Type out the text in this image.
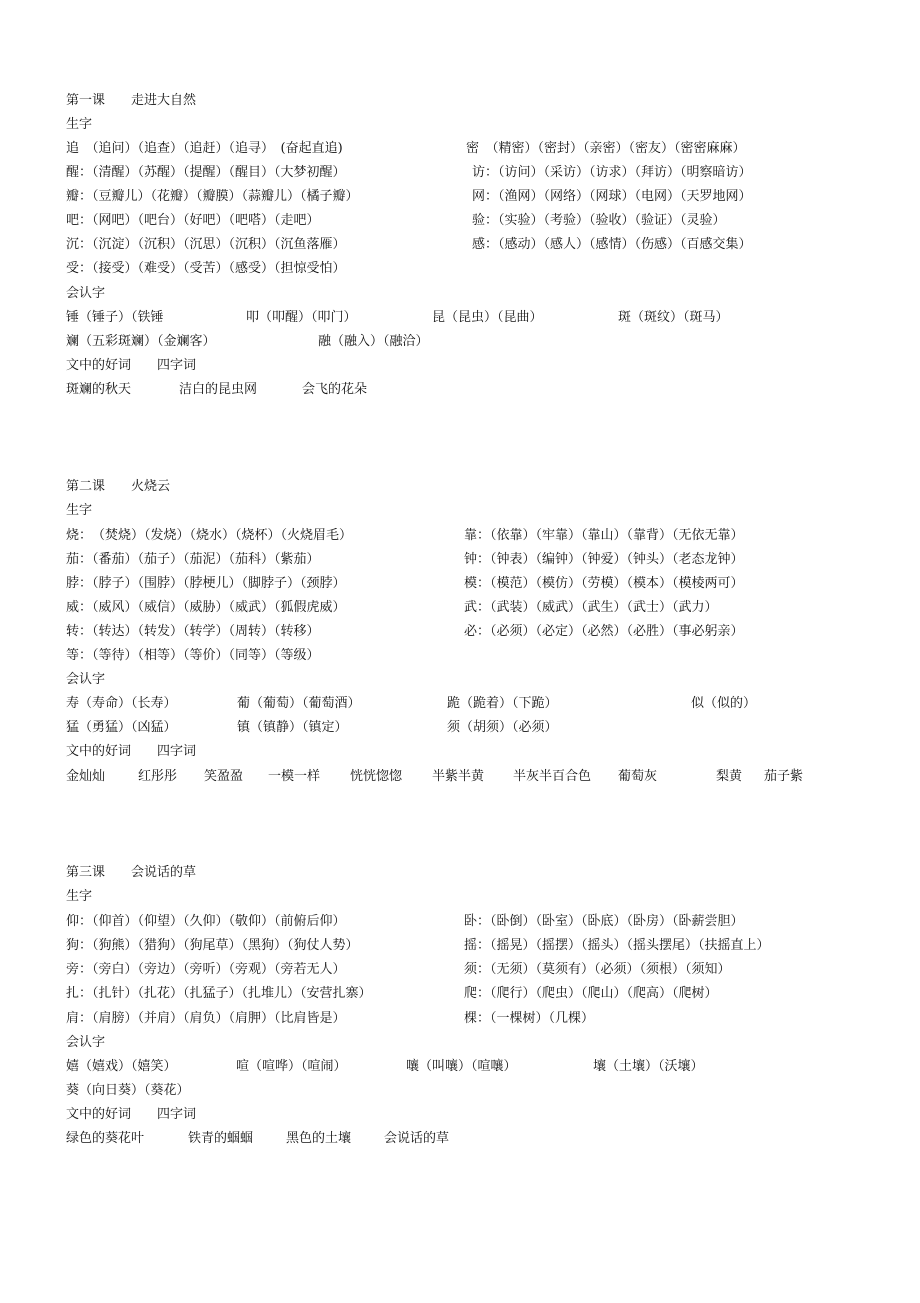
第一课　　走进大自然
生字
追　（追问）（追查）（追赶）（追寻）　(奋起直追)	密　（精密）（密封）（亲密）（密友）（密密麻麻）
醒：（清醒）（苏醒）（提醒）（醒目）（大梦初醒）	访：（访问）（采访）（访求）（拜访）（明察暗访）
瓣：（豆瓣儿）（花瓣）（瓣膜）（蒜瓣儿）（橘子瓣）	网：（渔网）（网络）（网球）（电网）（天罗地网）
吧：（网吧）（吧台）（好吧）（吧嗒）（走吧）	验：（实验）（考验）（验收）（验证）（灵验）
沉：（沉淀）（沉积）（沉思）（沉积）（沉鱼落雁）	感：（感动）（感人）（感情）（伤感）（百感交集）
受：（接受）（难受）（受苦）（感受）（担惊受怕）
会认字
锤（锤子）（铁锤	叩（叩醒）（叩门）	昆（昆虫）（昆曲）	斑（斑纹）（斑马）
斓（五彩斑斓）（金斓客）	融（融入）（融洽）
文中的好词　　四字词
斑斓的秋天	洁白的昆虫网	会飞的花朵
第二课　　火烧云
生字
烧：　（焚烧）（发烧）（烧水）（烧杯）（火烧眉毛）	靠：（依靠）（牢靠）（靠山）（靠背）（无依无靠）
茄：（番茄）（茄子）（茄泥）（茄科）（紫茄）	钟：（钟表）（编钟）（钟爱）（钟头）（老态龙钟）
脖：（脖子）（围脖）（脖梗儿）（脚脖子）（颈脖）	模：（模范）（模仿）（劳模）（模本）（模棱两可）
威：（威风）（威信）（威胁）（威武）（狐假虎威）	武：（武装）（威武）（武生）（武士）（武力）
转：（转达）（转发）（转学）（周转）（转移）	必：（必须）（必定）（必然）（必胜）（事必躬亲）
等：（等待）（相等）（等价）（同等）（等级）
会认字
寿（寿命）（长寿）	葡（葡萄）（葡萄酒）	跪（跪着）（下跪）	似（似的）
猛（勇猛）（凶猛）	镇（镇静）（镇定）	须（胡须）（必须）
文中的好词　　四字词
金灿灿	红彤彤 笑盈盈 一模一样 恍恍惚惚 半紫半黄 半灰半百合色 葡萄灰	梨黄 茄子紫
第三课　　会说话的草
生字
仰：（仰首）（仰望）（久仰）（敬仰）（前俯后仰）	卧：（卧倒）（卧室）（卧底）（卧房）（卧薪尝胆）
狗：（狗熊）（猎狗）（狗尾草）（黑狗）（狗仗人势）	摇：（摇晃）（摇摆）（摇头）（摇头摆尾）（扶摇直上）
旁：（旁白）（旁边）（旁听）（旁观）（旁若无人）	须：（无须）（莫须有）（必须）（须根）（须知）
扎：（扎针）（扎花）（扎猛子）（扎堆儿）（安营扎寨）	爬：（爬行）（爬虫）（爬山）（爬高）（爬树）
肩：（肩膀）（并肩）（肩负）（肩胛）（比肩皆是）	棵：（一棵树）（几棵）
会认字
嬉（嬉戏）（嬉笑）	喧（喧哗）（喧闹）	嚷（叫嚷）（喧嚷）	壤（土壤）（沃壤）
葵（向日葵）（葵花）
文中的好词　　四字词
绿色的葵花叶	铁青的蝈蝈	黑色的土壤	会说话的草
